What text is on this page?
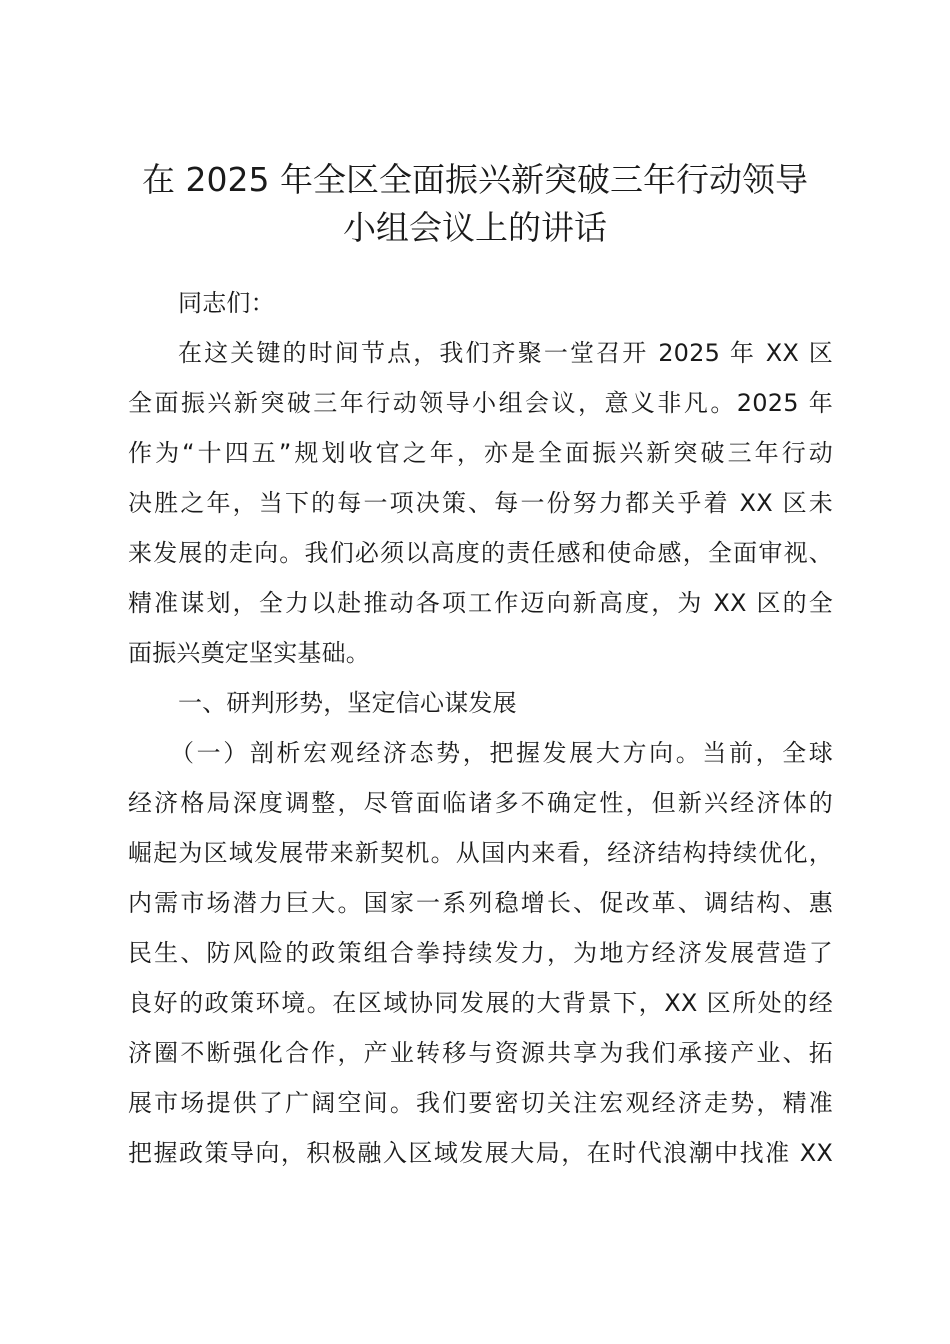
在 2025 年全区全面振兴新突破三年行动领导
小组会议上的讲话

同志们：

在这关键的时间节点，我们齐聚一堂召开 2025 年 XX 区

全面振兴新突破三年行动领导小组会议，意义非凡。2025 年

作为“十四五”规划收官之年，亦是全面振兴新突破三年行动

决胜之年，当下的每一项决策、每一份努力都关乎着 XX 区未

来发展的走向。我们必须以高度的责任感和使命感，全面审视、

精准谋划，全力以赴推动各项工作迈向新高度，为 XX 区的全

面振兴奠定坚实基础。

一、研判形势，坚定信心谋发展

（一）剖析宏观经济态势，把握发展大方向。当前，全球

经济格局深度调整，尽管面临诸多不确定性，但新兴经济体的

崛起为区域发展带来新契机。从国内来看，经济结构持续优化，

内需市场潜力巨大。国家一系列稳增长、促改革、调结构、惠

民生、防风险的政策组合拳持续发力，为地方经济发展营造了

良好的政策环境。在区域协同发展的大背景下，XX 区所处的经

济圈不断强化合作，产业转移与资源共享为我们承接产业、拓

展市场提供了广阔空间。我们要密切关注宏观经济走势，精准

把握政策导向，积极融入区域发展大局，在时代浪潮中找准 XX
